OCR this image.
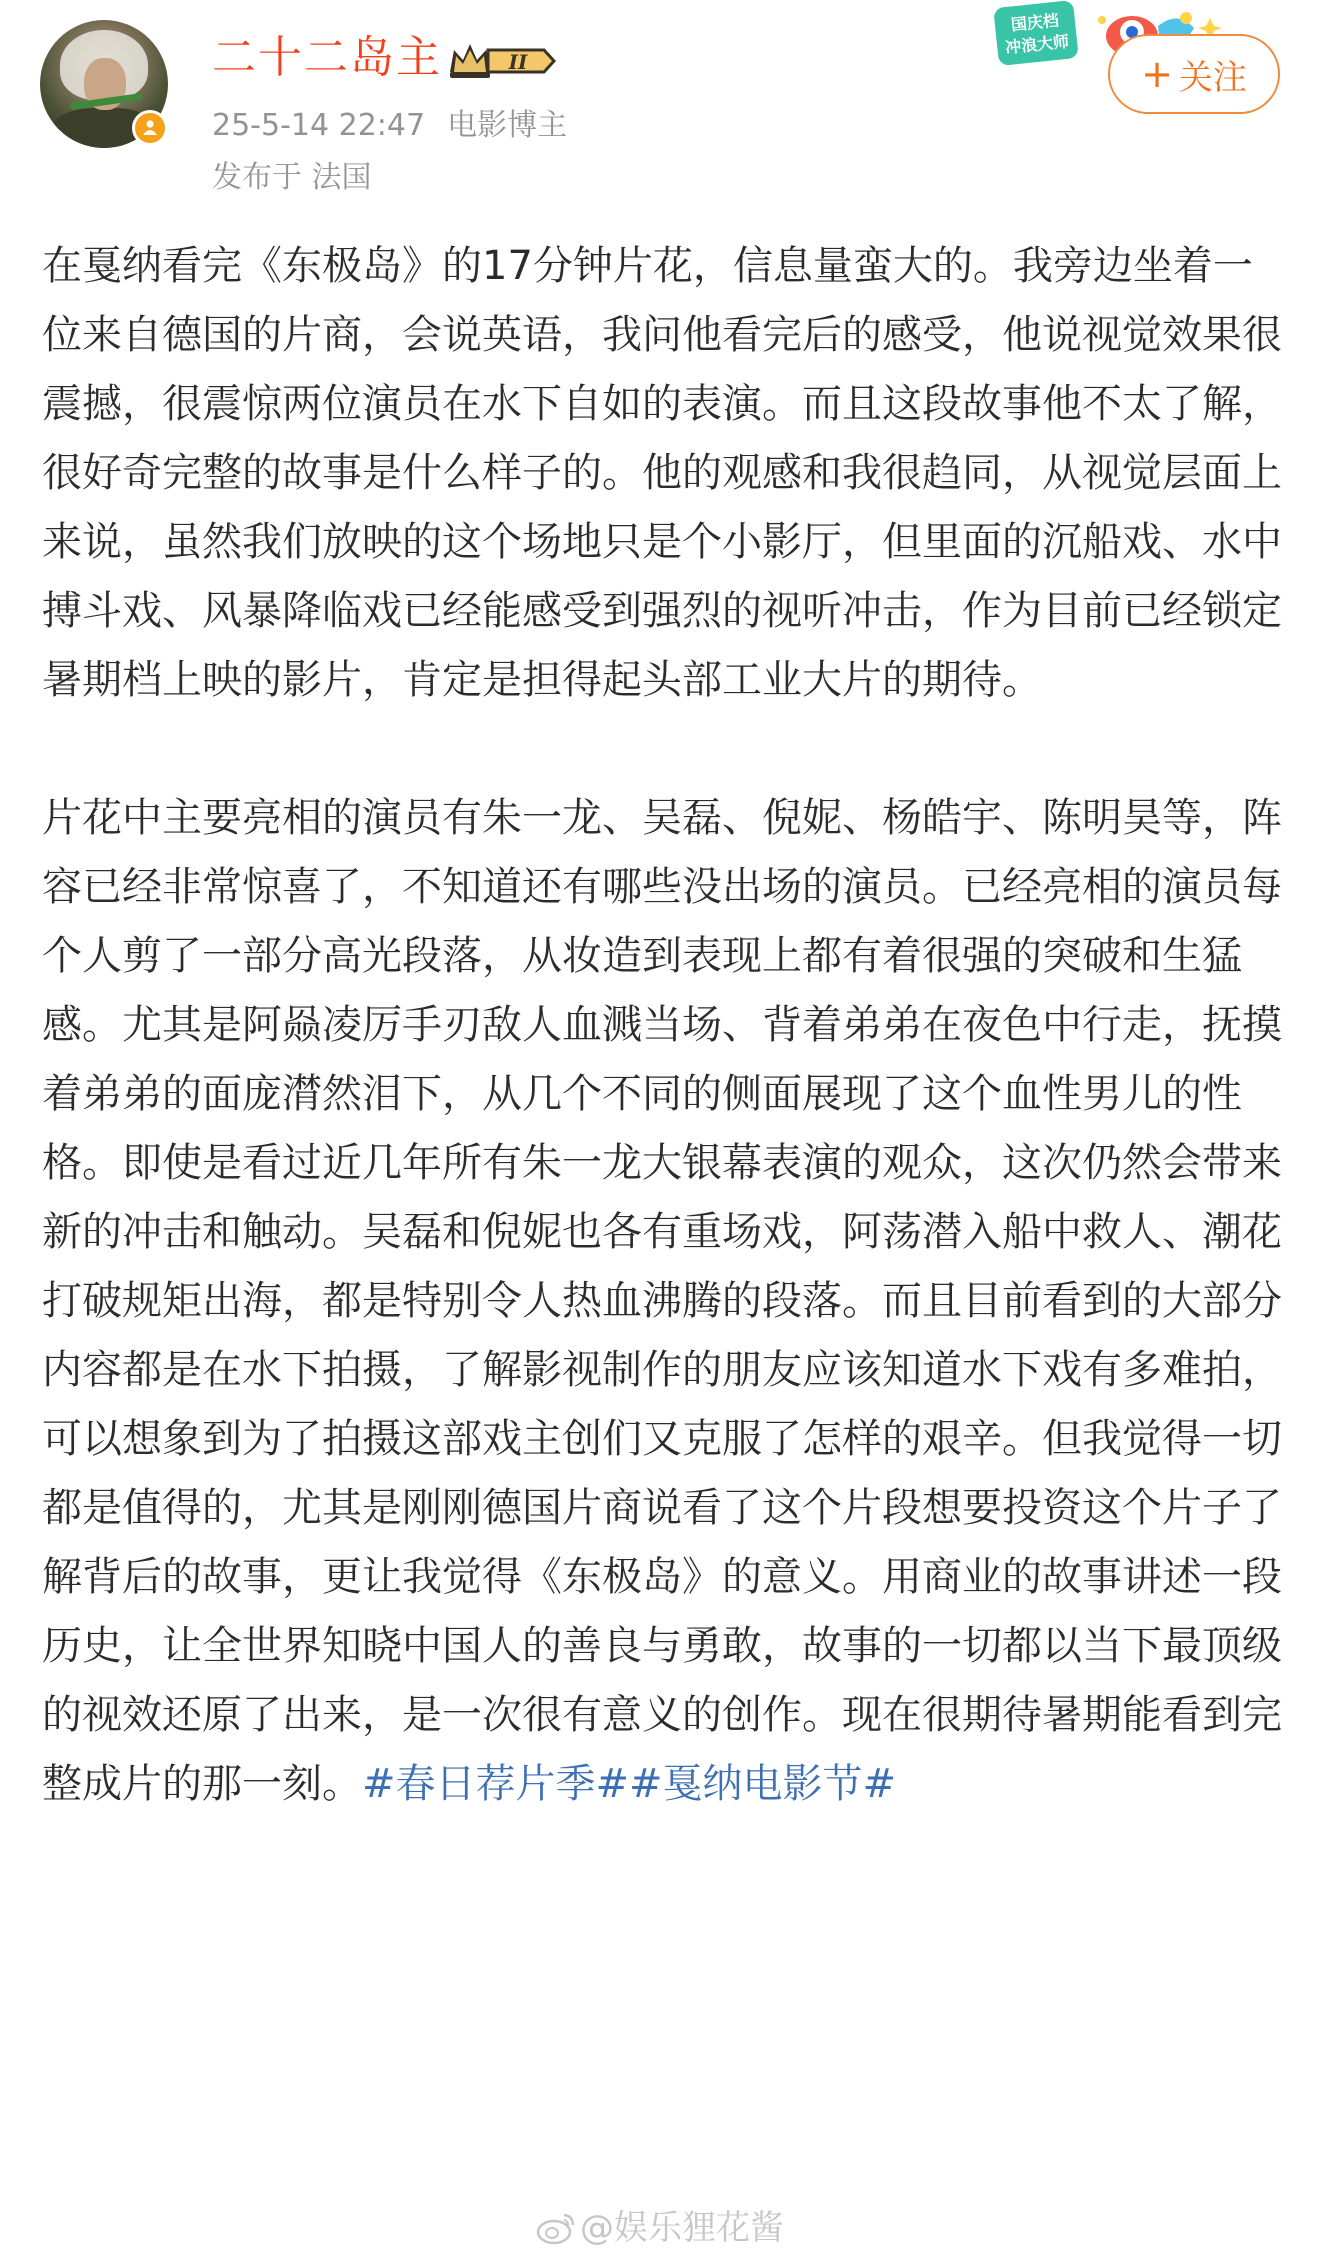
二十二岛主	II
25-5-14 22:47 电影博主
发布于 法国
国庆档
冲浪大师
+ 关注

在戛纳看完《东极岛》的17分钟片花，信息量蛮大的。我旁边坐着一位来自德国的片商，会说英语，我问他看完后的感受，他说视觉效果很震撼，很震惊两位演员在水下自如的表演。而且这段故事他不太了解，很好奇完整的故事是什么样子的。他的观感和我很趋同，从视觉层面上来说，虽然我们放映的这个场地只是个小影厅，但里面的沉船戏、水中搏斗戏、风暴降临戏已经能感受到强烈的视听冲击，作为目前已经锁定暑期档上映的影片，肯定是担得起头部工业大片的期待。

片花中主要亮相的演员有朱一龙、吴磊、倪妮、杨皓宇、陈明昊等，阵容已经非常惊喜了，不知道还有哪些没出场的演员。已经亮相的演员每个人剪了一部分高光段落，从妆造到表现上都有着很强的突破和生猛感。尤其是阿赑凌厉手刃敌人血溅当场、背着弟弟在夜色中行走，抚摸着弟弟的面庞潸然泪下，从几个不同的侧面展现了这个血性男儿的性格。即使是看过近几年所有朱一龙大银幕表演的观众，这次仍然会带来新的冲击和触动。吴磊和倪妮也各有重场戏，阿荡潜入船中救人、潮花打破规矩出海，都是特别令人热血沸腾的段落。而且目前看到的大部分内容都是在水下拍摄，了解影视制作的朋友应该知道水下戏有多难拍，可以想象到为了拍摄这部戏主创们又克服了怎样的艰辛。但我觉得一切都是值得的，尤其是刚刚德国片商说看了这个片段想要投资这个片子了解背后的故事，更让我觉得《东极岛》的意义。用商业的故事讲述一段历史，让全世界知晓中国人的善良与勇敢，故事的一切都以当下最顶级的视效还原了出来，是一次很有意义的创作。现在很期待暑期能看到完整成片的那一刻。#春日荐片季##戛纳电影节#

@娱乐狸花酱
